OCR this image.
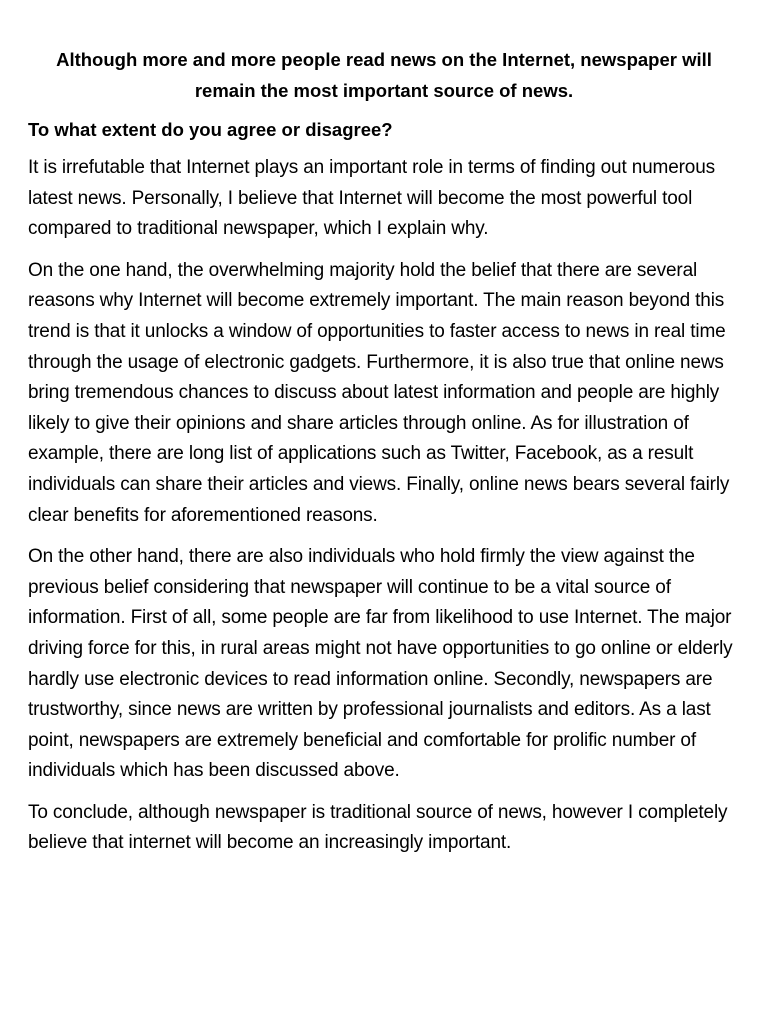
Although more and more people read news on the Internet, newspaper will remain the most important source of news.
To what extent do you agree or disagree?

It is irrefutable that Internet plays an important role in terms of finding out numerous latest news. Personally, I believe that Internet will become the most powerful tool compared to traditional newspaper, which I explain why.

On the one hand, the overwhelming majority hold the belief that there are several reasons why Internet will become extremely important. The main reason beyond this trend is that it unlocks a window of opportunities to faster access to news in real time through the usage of electronic gadgets. Furthermore, it is also true that online news bring tremendous chances to discuss about latest information and people are highly likely to give their opinions and share articles through online. As for illustration of example, there are long list of applications such as Twitter, Facebook, as a result individuals can share their articles and views. Finally, online news bears several fairly clear benefits for aforementioned reasons.

On the other hand, there are also individuals who hold firmly the view against the previous belief considering that newspaper will continue to be a vital source of information. First of all, some people are far from likelihood to use Internet. The major driving force for this, in rural areas might not have opportunities to go online or elderly hardly use electronic devices to read information online. Secondly, newspapers are trustworthy, since news are written by professional journalists and editors. As a last point, newspapers are extremely beneficial and comfortable for prolific number of individuals which has been discussed above.

To conclude, although newspaper is traditional source of news, however I completely believe that internet will become an increasingly important.
